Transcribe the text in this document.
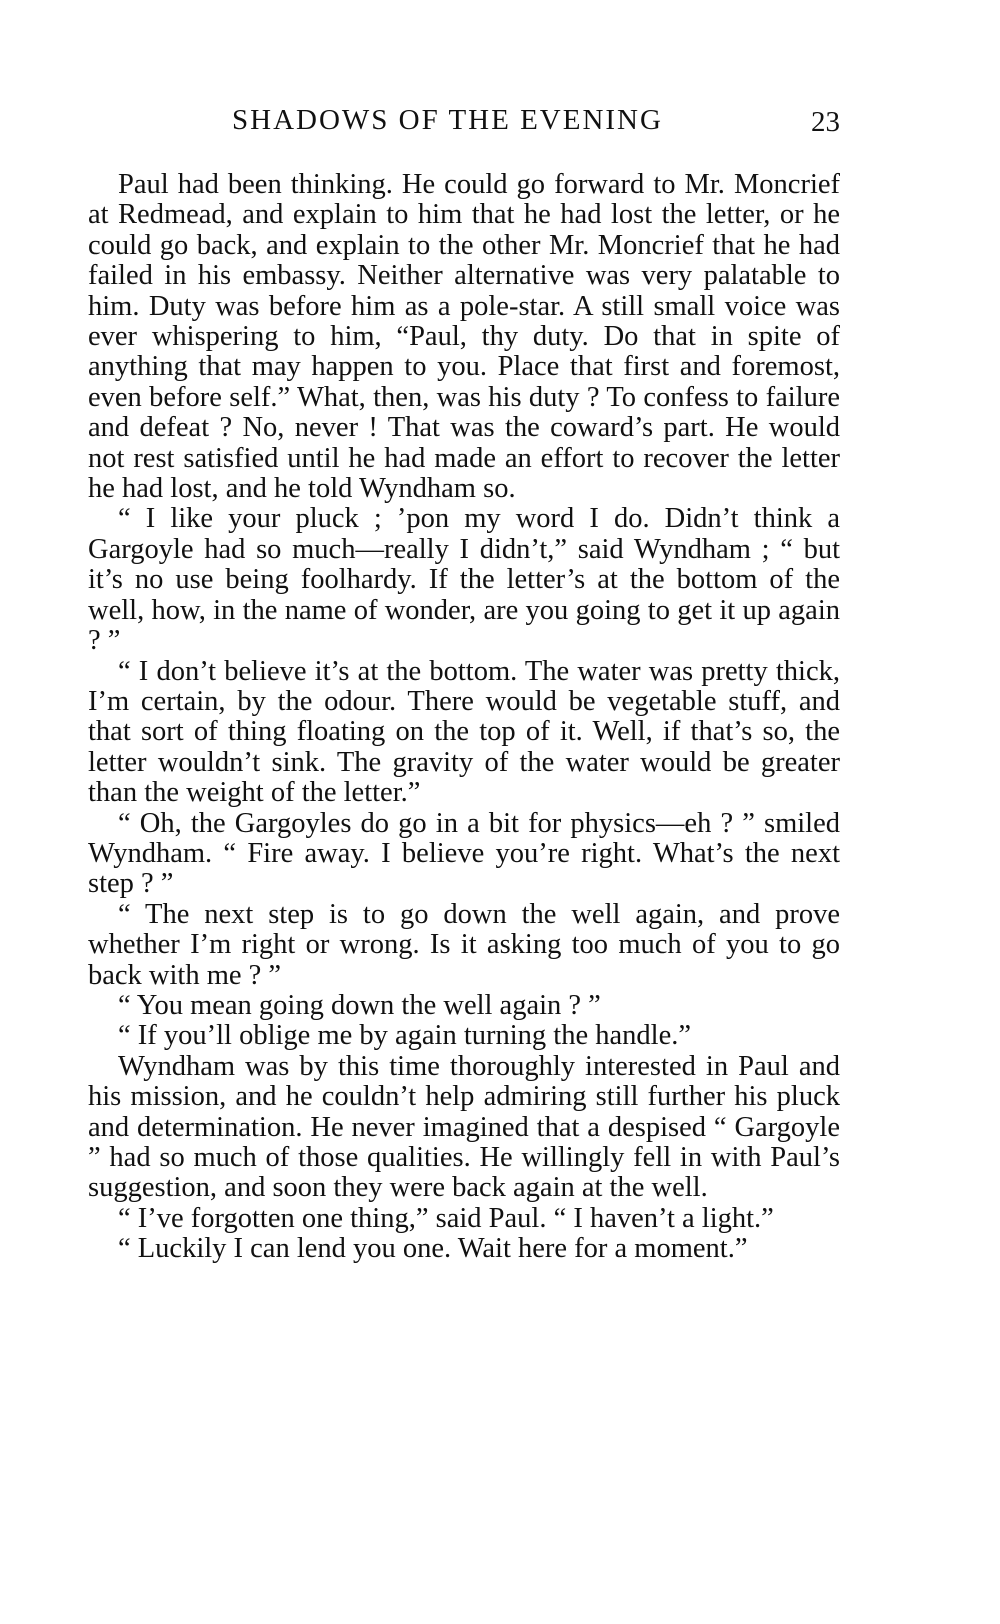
SHADOWS OF THE EVENING	23

Paul had been thinking. He could go forward to Mr. Moncrief at Redmead, and explain to him that he had lost the letter, or he could go back, and explain to the other Mr. Moncrief that he had failed in his embassy. Neither alternative was very palatable to him. Duty was before him as a pole-star. A still small voice was ever whispering to him, “Paul, thy duty. Do that in spite of anything that may happen to you. Place that first and foremost, even before self.” What, then, was his duty ? To confess to failure and defeat ? No, never ! That was the coward’s part. He would not rest satisfied until he had made an effort to recover the letter he had lost, and he told Wyndham so.

“ I like your pluck ; ’pon my word I do. Didn’t think a Gargoyle had so much—really I didn’t,” said Wyndham ; “ but it’s no use being foolhardy. If the letter’s at the bottom of the well, how, in the name of wonder, are you going to get it up again ? ”

“ I don’t believe it’s at the bottom. The water was pretty thick, I’m certain, by the odour. There would be vegetable stuff, and that sort of thing floating on the top of it. Well, if that’s so, the letter wouldn’t sink. The gravity of the water would be greater than the weight of the letter.”

“ Oh, the Gargoyles do go in a bit for physics—eh ? ” smiled Wyndham. “ Fire away. I believe you’re right. What’s the next step ? ”

“ The next step is to go down the well again, and prove whether I’m right or wrong. Is it asking too much of you to go back with me ? ”

“ You mean going down the well again ? ”

“ If you’ll oblige me by again turning the handle.”

Wyndham was by this time thoroughly interested in Paul and his mission, and he couldn’t help admiring still further his pluck and determination. He never imagined that a despised “ Gargoyle ” had so much of those qualities. He willingly fell in with Paul’s suggestion, and soon they were back again at the well.

“ I’ve forgotten one thing,” said Paul. “ I haven’t a light.”

“ Luckily I can lend you one. Wait here for a moment.”
